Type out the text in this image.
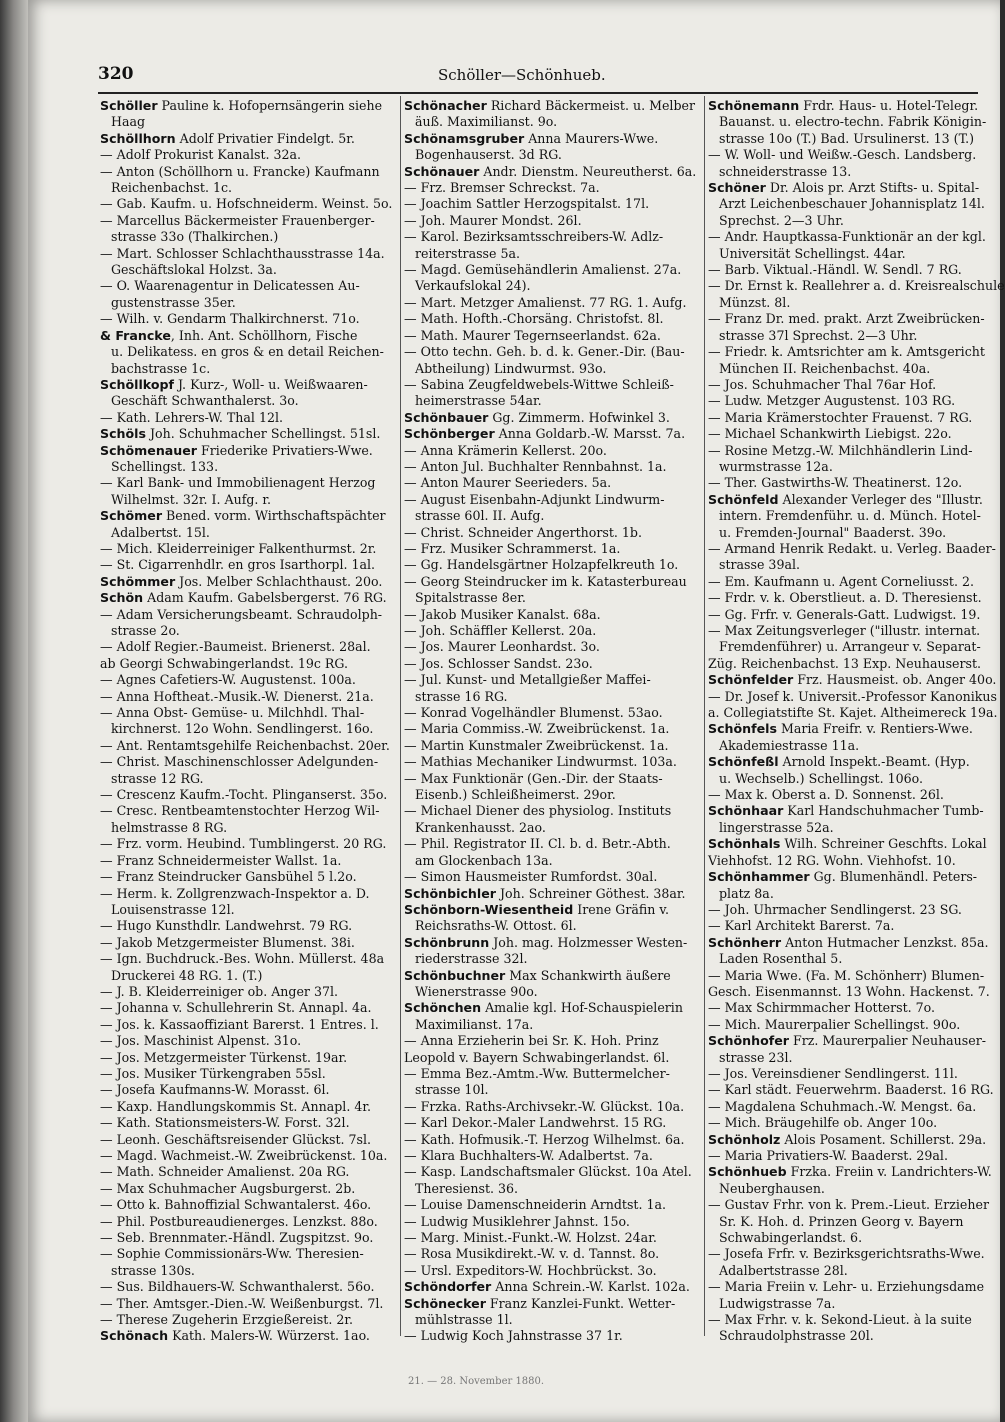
320	Schöller—Schönhueb.
Schöller Pauline k. Hofopernsängerin siehe
Haag
Schöllhorn Adolf Privatier Findelgt. 5r.
— Adolf Prokurist Kanalst. 32a.
— Anton (Schöllhorn u. Francke) Kaufmann
Reichenbachst. 1c.
— Gab. Kaufm. u. Hofschneiderm. Weinst. 5o.
— Marcellus Bäckermeister Frauenberger-
strasse 33o (Thalkirchen.)
— Mart. Schlosser Schlachthausstrasse 14a.
Geschäftslokal Holzst. 3a.
— O. Waarenagentur in Delicatessen Au-
gustenstrasse 35er.
— Wilh. v. Gendarm Thalkirchnerst. 71o.
& Francke, Inh. Ant. Schöllhorn, Fische
u. Delikatess. en gros & en detail Reichen-
bachstrasse 1c.
Schöllkopf J. Kurz-, Woll- u. Weißwaaren-
Geschäft Schwanthalerst. 3o.
— Kath. Lehrers-W. Thal 12l.
Schöls Joh. Schuhmacher Schellingst. 51sl.
Schömenauer Friederike Privatiers-Wwe.
Schellingst. 133.
— Karl Bank- und Immobilienagent Herzog
Wilhelmst. 32r. I. Aufg. r.
Schömer Bened. vorm. Wirthschaftspächter
Adalbertst. 15l.
— Mich. Kleiderreiniger Falkenthurmst. 2r.
— St. Cigarrenhdlr. en gros Isarthorpl. 1al.
Schömmer Jos. Melber Schlachthaust. 20o.
Schön Adam Kaufm. Gabelsbergerst. 76 RG.
— Adam Versicherungsbeamt. Schraudolph-
strasse 2o.
— Adolf Regier.-Baumeist. Brienerst. 28al.
ab Georgi Schwabingerlandst. 19c RG.
— Agnes Cafetiers-W. Augustenst. 100a.
— Anna Hoftheat.-Musik.-W. Dienerst. 21a.
— Anna Obst- Gemüse- u. Milchhdl. Thal-
kirchnerst. 12o Wohn. Sendlingerst. 16o.
— Ant. Rentamtsgehilfe Reichenbachst. 20er.
— Christ. Maschinenschlosser Adelgunden-
strasse 12 RG.
— Crescenz Kaufm.-Tocht. Plinganserst. 35o.
— Cresc. Rentbeamtenstochter Herzog Wil-
helmstrasse 8 RG.
— Frz. vorm. Heubind. Tumblingerst. 20 RG.
— Franz Schneidermeister Wallst. 1a.
— Franz Steindrucker Gansbühel 5 l.2o.
— Herm. k. Zollgrenzwach-Inspektor a. D.
Louisenstrasse 12l.
— Hugo Kunsthdlr. Landwehrst. 79 RG.
— Jakob Metzgermeister Blumenst. 38i.
— Ign. Buchdruck.-Bes. Wohn. Müllerst. 48a
Druckerei 48 RG. 1. (T.)
— J. B. Kleiderreiniger ob. Anger 37l.
— Johanna v. Schullehrerin St. Annapl. 4a.
— Jos. k. Kassaoffiziant Barerst. 1 Entres. l.
— Jos. Maschinist Alpenst. 31o.
— Jos. Metzgermeister Türkenst. 19ar.
— Jos. Musiker Türkengraben 55sl.
— Josefa Kaufmanns-W. Morasst. 6l.
— Kaxp. Handlungskommis St. Annapl. 4r.
— Kath. Stationsmeisters-W. Forst. 32l.
— Leonh. Geschäftsreisender Glückst. 7sl.
— Magd. Wachmeist.-W. Zweibrückenst. 10a.
— Math. Schneider Amalienst. 20a RG.
— Max Schuhmacher Augsburgerst. 2b.
— Otto k. Bahnoffizial Schwantalerst. 46o.
— Phil. Postbureaudienerges. Lenzkst. 88o.
— Seb. Brennmater.-Händl. Zugspitzst. 9o.
— Sophie Commissionärs-Ww. Theresien-
strasse 130s.
— Sus. Bildhauers-W. Schwanthalerst. 56o.
— Ther. Amtsger.-Dien.-W. Weißenburgst. 7l.
— Therese Zugeherin Erzgießereist. 2r.
Schönach Kath. Malers-W. Würzerst. 1ao.
Schönacher Richard Bäckermeist. u. Melber
äuß. Maximilianst. 9o.
Schönamsgruber Anna Maurers-Wwe.
Bogenhauserst. 3d RG.
Schönauer Andr. Dienstm. Neureutherst. 6a.
— Frz. Bremser Schreckst. 7a.
— Joachim Sattler Herzogspitalst. 17l.
— Joh. Maurer Mondst. 26l.
— Karol. Bezirksamtsschreibers-W. Adlz-
reiterstrasse 5a.
— Magd. Gemüsehändlerin Amalienst. 27a.
Verkaufslokal 24).
— Mart. Metzger Amalienst. 77 RG. 1. Aufg.
— Math. Hofth.-Chorsäng. Christofst. 8l.
— Math. Maurer Tegernseerlandst. 62a.
— Otto techn. Geh. b. d. k. Gener.-Dir. (Bau-
Abtheilung) Lindwurmst. 93o.
— Sabina Zeugfeldwebels-Wittwe Schleiß-
heimerstrasse 54ar.
Schönbauer Gg. Zimmerm. Hofwinkel 3.
Schönberger Anna Goldarb.-W. Marsst. 7a.
— Anna Krämerin Kellerst. 20o.
— Anton Jul. Buchhalter Rennbahnst. 1a.
— Anton Maurer Seerieders. 5a.
— August Eisenbahn-Adjunkt Lindwurm-
strasse 60l. II. Aufg.
— Christ. Schneider Angerthorst. 1b.
— Frz. Musiker Schrammerst. 1a.
— Gg. Handelsgärtner Holzapfelkreuth 1o.
— Georg Steindrucker im k. Katasterbureau
Spitalstrasse 8er.
— Jakob Musiker Kanalst. 68a.
— Joh. Schäffler Kellerst. 20a.
— Jos. Maurer Leonhardst. 3o.
— Jos. Schlosser Sandst. 23o.
— Jul. Kunst- und Metallgießer Maffei-
strasse 16 RG.
— Konrad Vogelhändler Blumenst. 53ao.
— Maria Commiss.-W. Zweibrückenst. 1a.
— Martin Kunstmaler Zweibrückenst. 1a.
— Mathias Mechaniker Lindwurmst. 103a.
— Max Funktionär (Gen.-Dir. der Staats-
Eisenb.) Schleißheimerst. 29or.
— Michael Diener des physiolog. Instituts
Krankenhausst. 2ao.
— Phil. Registrator II. Cl. b. d. Betr.-Abth.
am Glockenbach 13a.
— Simon Hausmeister Rumfordst. 30al.
Schönbichler Joh. Schreiner Göthest. 38ar.
Schönborn-Wiesentheid Irene Gräfin v.
Reichsraths-W. Ottost. 6l.
Schönbrunn Joh. mag. Holzmesser Westen-
riederstrasse 32l.
Schönbuchner Max Schankwirth äußere
Wienerstrasse 90o.
Schönchen Amalie kgl. Hof-Schauspielerin
Maximilianst. 17a.
— Anna Erzieherin bei Sr. K. Hoh. Prinz
Leopold v. Bayern Schwabingerlandst. 6l.
— Emma Bez.-Amtm.-Ww. Buttermelcher-
strasse 10l.
— Frzka. Raths-Archivsekr.-W. Glückst. 10a.
— Karl Dekor.-Maler Landwehrst. 15 RG.
— Kath. Hofmusik.-T. Herzog Wilhelmst. 6a.
— Klara Buchhalters-W. Adalbertst. 7a.
— Kasp. Landschaftsmaler Glückst. 10a Atel.
Theresienst. 36.
— Louise Damenschneiderin Arndtst. 1a.
— Ludwig Musiklehrer Jahnst. 15o.
— Marg. Minist.-Funkt.-W. Holzst. 24ar.
— Rosa Musikdirekt.-W. v. d. Tannst. 8o.
— Ursl. Expeditors-W. Hochbrückst. 3o.
Schöndorfer Anna Schrein.-W. Karlst. 102a.
Schönecker Franz Kanzlei-Funkt. Wetter-
mühlstrasse 1l.
— Ludwig Koch Jahnstrasse 37 1r.
Schönemann Frdr. Haus- u. Hotel-Telegr.
Bauanst. u. electro-techn. Fabrik Königin-
strasse 10o (T.) Bad. Ursulinerst. 13 (T.)
— W. Woll- und Weißw.-Gesch. Landsberg.
schneiderstrasse 13.
Schöner Dr. Alois pr. Arzt Stifts- u. Spital-
Arzt Leichenbeschauer Johannisplatz 14l.
Sprechst. 2—3 Uhr.
— Andr. Hauptkassa-Funktionär an der kgl.
Universität Schellingst. 44ar.
— Barb. Viktual.-Händl. W. Sendl. 7 RG.
— Dr. Ernst k. Reallehrer a. d. Kreisrealschule
Münzst. 8l.
— Franz Dr. med. prakt. Arzt Zweibrücken-
strasse 37l Sprechst. 2—3 Uhr.
— Friedr. k. Amtsrichter am k. Amtsgericht
München II. Reichenbachst. 40a.
— Jos. Schuhmacher Thal 76ar Hof.
— Ludw. Metzger Augustenst. 103 RG.
— Maria Krämerstochter Frauenst. 7 RG.
— Michael Schankwirth Liebigst. 22o.
— Rosine Metzg.-W. Milchhändlerin Lind-
wurmstrasse 12a.
— Ther. Gastwirths-W. Theatinerst. 12o.
Schönfeld Alexander Verleger des "Illustr.
intern. Fremdenführ. u. d. Münch. Hotel-
u. Fremden-Journal" Baaderst. 39o.
— Armand Henrik Redakt. u. Verleg. Baader-
strasse 39al.
— Em. Kaufmann u. Agent Corneliusst. 2.
— Frdr. v. k. Oberstlieut. a. D. Theresienst.
— Gg. Frfr. v. Generals-Gatt. Ludwigst. 19.
— Max Zeitungsverleger ("illustr. internat.
Fremdenführer) u. Arrangeur v. Separat-
Züg. Reichenbachst. 13 Exp. Neuhauserst.
Schönfelder Frz. Hausmeist. ob. Anger 40o.
— Dr. Josef k. Universit.-Professor Kanonikus
a. Collegiatstifte St. Kajet. Altheimereck 19a.
Schönfels Maria Freifr. v. Rentiers-Wwe.
Akademiestrasse 11a.
Schönfeßl Arnold Inspekt.-Beamt. (Hyp.
u. Wechselb.) Schellingst. 106o.
— Max k. Oberst a. D. Sonnenst. 26l.
Schönhaar Karl Handschuhmacher Tumb-
lingerstrasse 52a.
Schönhals Wilh. Schreiner Geschfts. Lokal
Viehhofst. 12 RG. Wohn. Viehhofst. 10.
Schönhammer Gg. Blumenhändl. Peters-
platz 8a.
— Joh. Uhrmacher Sendlingerst. 23 SG.
— Karl Architekt Barerst. 7a.
Schönherr Anton Hutmacher Lenzkst. 85a.
Laden Rosenthal 5.
— Maria Wwe. (Fa. M. Schönherr) Blumen-
Gesch. Eisenmannst. 13 Wohn. Hackenst. 7.
— Max Schirmmacher Hotterst. 7o.
— Mich. Maurerpalier Schellingst. 90o.
Schönhofer Frz. Maurerpalier Neuhauser-
strasse 23l.
— Jos. Vereinsdiener Sendlingerst. 11l.
— Karl städt. Feuerwehrm. Baaderst. 16 RG.
— Magdalena Schuhmach.-W. Mengst. 6a.
— Mich. Bräugehilfe ob. Anger 10o.
Schönholz Alois Posament. Schillerst. 29a.
— Maria Privatiers-W. Baaderst. 29al.
Schönhueb Frzka. Freiin v. Landrichters-W.
Neuberghausen.
— Gustav Frhr. von k. Prem.-Lieut. Erzieher
Sr. K. Hoh. d. Prinzen Georg v. Bayern
Schwabingerlandst. 6.
— Josefa Frfr. v. Bezirksgerichtsraths-Wwe.
Adalbertstrasse 28l.
— Maria Freiin v. Lehr- u. Erziehungsdame
Ludwigstrasse 7a.
— Max Frhr. v. k. Sekond-Lieut. à la suite
Schraudolphstrasse 20l.
21. — 28. November 1880.
